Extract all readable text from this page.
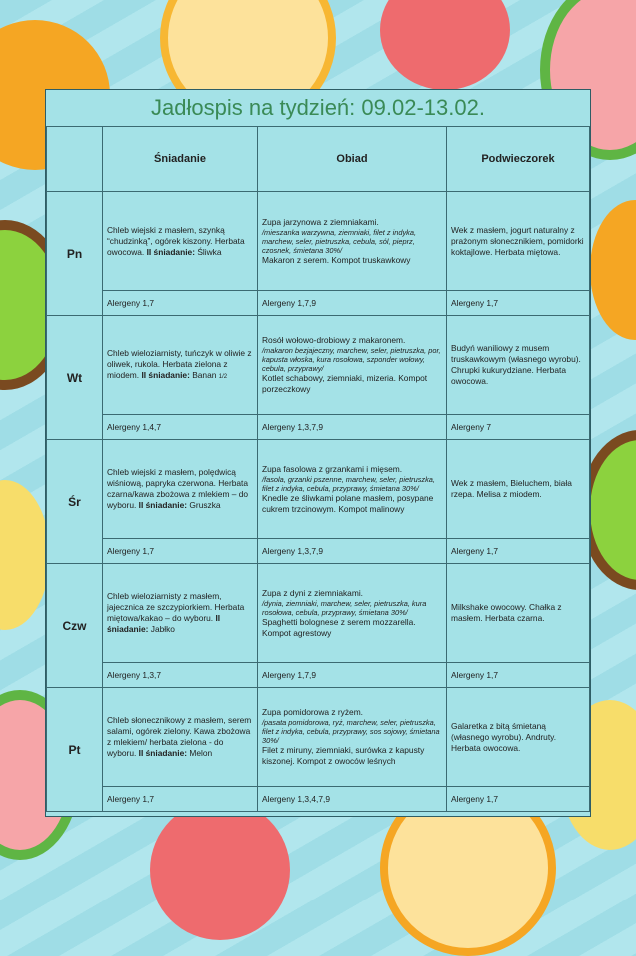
Jadłospis na tydzień: 09.02-13.02.
	Śniadanie	Obiad	Podwieczorek
Pn	Chleb wiejski z masłem, szynką “chudzinką”, ogórek kiszony. Herbata owocowa. II śniadanie: Śliwka	Zupa jarzynowa z ziemniakami.
/mieszanka warzywna, ziemniaki, filet z indyka, marchew, seler, pietruszka, cebula, sól, pieprz, czosnek, śmietana 30%/
Makaron z serem. Kompot truskawkowy	Wek z masłem, jogurt naturalny z prażonym słonecznikiem, pomidorki koktajlowe. Herbata miętowa.
	Alergeny 1,7	Alergeny 1,7,9	Alergeny 1,7
Wt	Chleb wieloziarnisty, tuńczyk w oliwie z oliwek, rukola. Herbata zielona z miodem. II śniadanie: Banan 1/2	Rosół wołowo-drobiowy z makaronem.
/makaron bezjajeczny, marchew, seler, pietruszka, por, kapusta włoska, kura rosołowa, szponder wołowy, cebula, przyprawy/
Kotlet schabowy, ziemniaki, mizeria. Kompot porzeczkowy	Budyń waniliowy z musem truskawkowym (własnego wyrobu). Chrupki kukurydziane. Herbata owocowa.
	Alergeny 1,4,7	Alergeny 1,3,7,9	Alergeny 7
Śr	Chleb wiejski z masłem, polędwicą wiśniową, papryka czerwona. Herbata czarna/kawa zbożowa z mlekiem – do wyboru. II śniadanie: Gruszka	Zupa fasolowa z grzankami i mięsem.
/fasola, grzanki pszenne, marchew, seler, pietruszka, filet z indyka, cebula, przyprawy, śmietana 30%/
Knedle ze śliwkami polane masłem, posypane cukrem trzcinowym. Kompot malinowy	Wek z masłem, Bieluchem, biała rzepa. Melisa z miodem.
	Alergeny 1,7	Alergeny 1,3,7,9	Alergeny 1,7
Czw	Chleb wieloziarnisty z masłem, jajecznica ze szczypiorkiem. Herbata miętowa/kakao – do wyboru. II śniadanie: Jabłko	Zupa z dyni z ziemniakami.
/dynia, ziemniaki, marchew, seler, pietruszka, kura rosołowa, cebula, przyprawy, śmietana 30%/
Spaghetti bolognese z serem mozzarella. Kompot agrestowy	Milkshake owocowy. Chałka z masłem. Herbata czarna.
	Alergeny 1,3,7	Alergeny 1,7,9	Alergeny 1,7
Pt	Chleb słonecznikowy z masłem, serem salami, ogórek zielony. Kawa zbożowa z mlekiem/ herbata zielona - do wyboru. II śniadanie: Melon	Zupa pomidorowa z ryżem.
/pasata pomidorowa, ryż, marchew, seler, pietruszka, filet z indyka, cebula, przyprawy, sos sojowy, śmietana 30%/
Filet z miruny, ziemniaki, surówka z kapusty kiszonej. Kompot z owoców leśnych	Galaretka z bitą śmietaną (własnego wyrobu). Andruty. Herbata owocowa.
	Alergeny 1,7	Alergeny 1,3,4,7,9	Alergeny 1,7
